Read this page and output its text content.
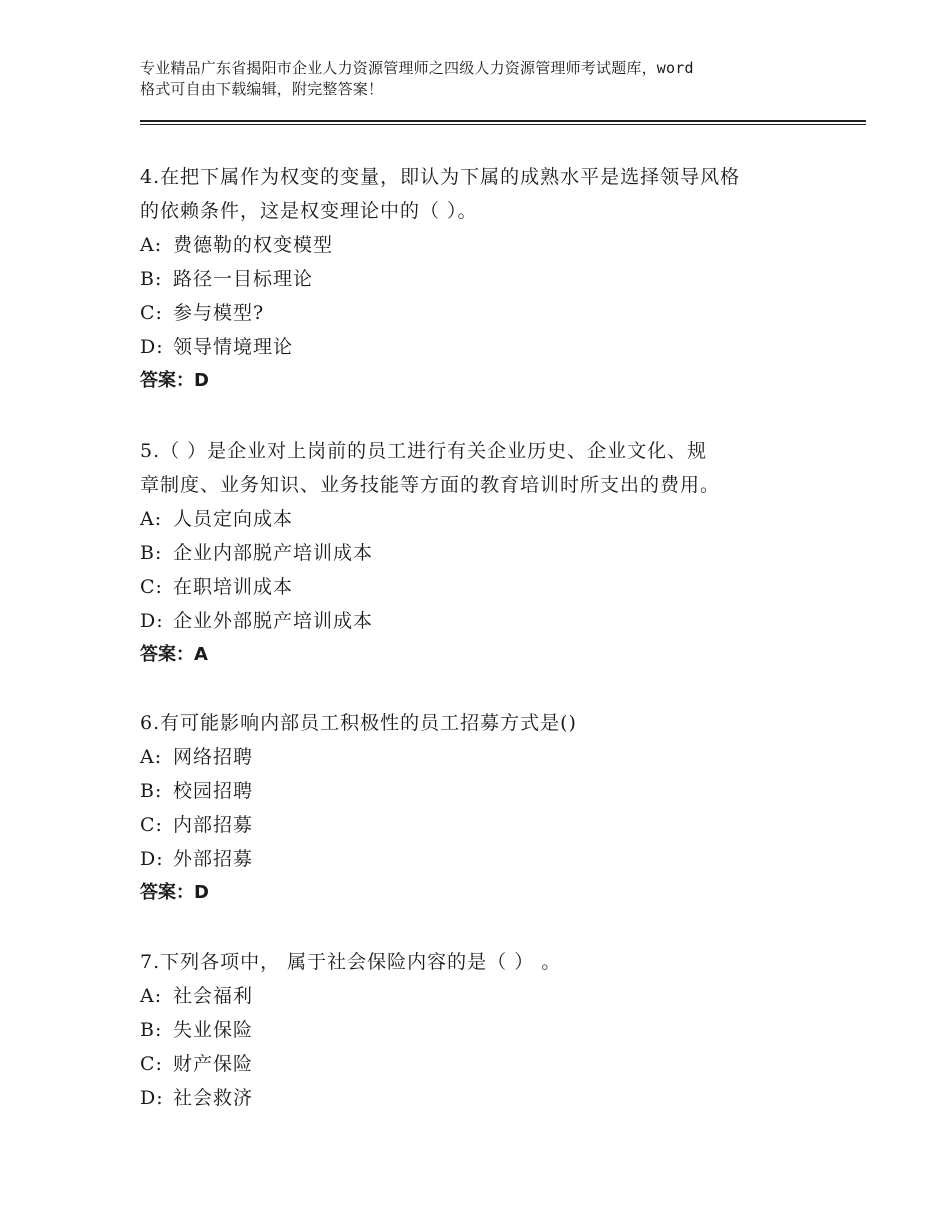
专业精品广东省揭阳市企业人力资源管理师之四级人力资源管理师考试题库，word
格式可自由下载编辑，附完整答案！
4.在把下属作为权变的变量，即认为下属的成熟水平是选择领导风格
的依赖条件，这是权变理论中的（ ）。
A: 费德勒的权变模型
B: 路径一目标理论
C: 参与模型?
D: 领导情境理论
答案：D
5.（ ）是企业对上岗前的员工进行有关企业历史、企业文化、规
章制度、业务知识、业务技能等方面的教育培训时所支出的费用。
A: 人员定向成本
B: 企业内部脱产培训成本
C: 在职培训成本
D: 企业外部脱产培训成本
答案：A
6.有可能影响内部员工积极性的员工招募方式是()
A: 网络招聘
B: 校园招聘
C: 内部招募
D: 外部招募
答案：D
7.下列各项中， 属于社会保险内容的是（ ） 。
A: 社会福利
B: 失业保险
C: 财产保险
D: 社会救济
